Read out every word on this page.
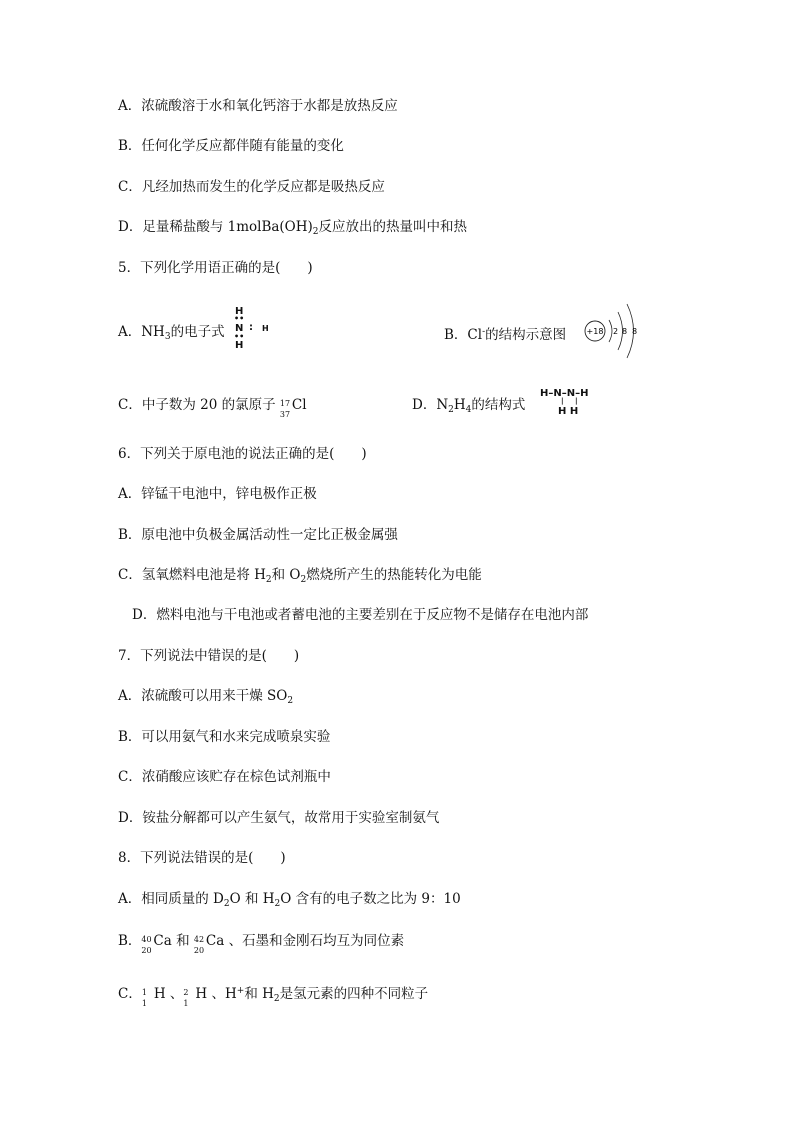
A．浓硫酸溶于水和氧化钙溶于水都是放热反应
B．任何化学反应都伴随有能量的变化
C．凡经加热而发生的化学反应都是吸热反应
D．足量稀盐酸与 $1molBa(OH)_2$反应放出的热量叫中和热
5．下列化学用语正确的是(　　)
A．$NH_3$的电子式
H
••
N : H
••
H
B．Cl-的结构示意图	+18 2 8 8
C．中子数为 20 的氯原子 17
37
Cl	D．$N_2H_4$的结构式
H–N–N–H
| |
H H
6．下列关于原电池的说法正确的是(　　)
A．锌锰干电池中，锌电极作正极
B．原电池中负极金属活动性一定比正极金属强
C．氢氧燃料电池是将 $H_2$和 $O_2$燃烧所产生的热能转化为电能
D．燃料电池与干电池或者蓄电池的主要差别在于反应物不是储存在电池内部
7．下列说法中错误的是(　　)
A．浓硫酸可以用来干燥 $SO_2$
B．可以用氨气和水来完成喷泉实验
C．浓硝酸应该贮存在棕色试剂瓶中
D．铵盐分解都可以产生氨气，故常用于实验室制氨气
8．下列说法错误的是(　　)
A．相同质量的 $D_2O$ 和 $H_2O$ 含有的电子数之比为 9：10
B． 40
20
Ca 和 42
20
Ca 、石墨和金刚石均互为同位素
C． 1
1
H 、 2
1
H 、H+和 $H_2$是氢元素的四种不同粒子
